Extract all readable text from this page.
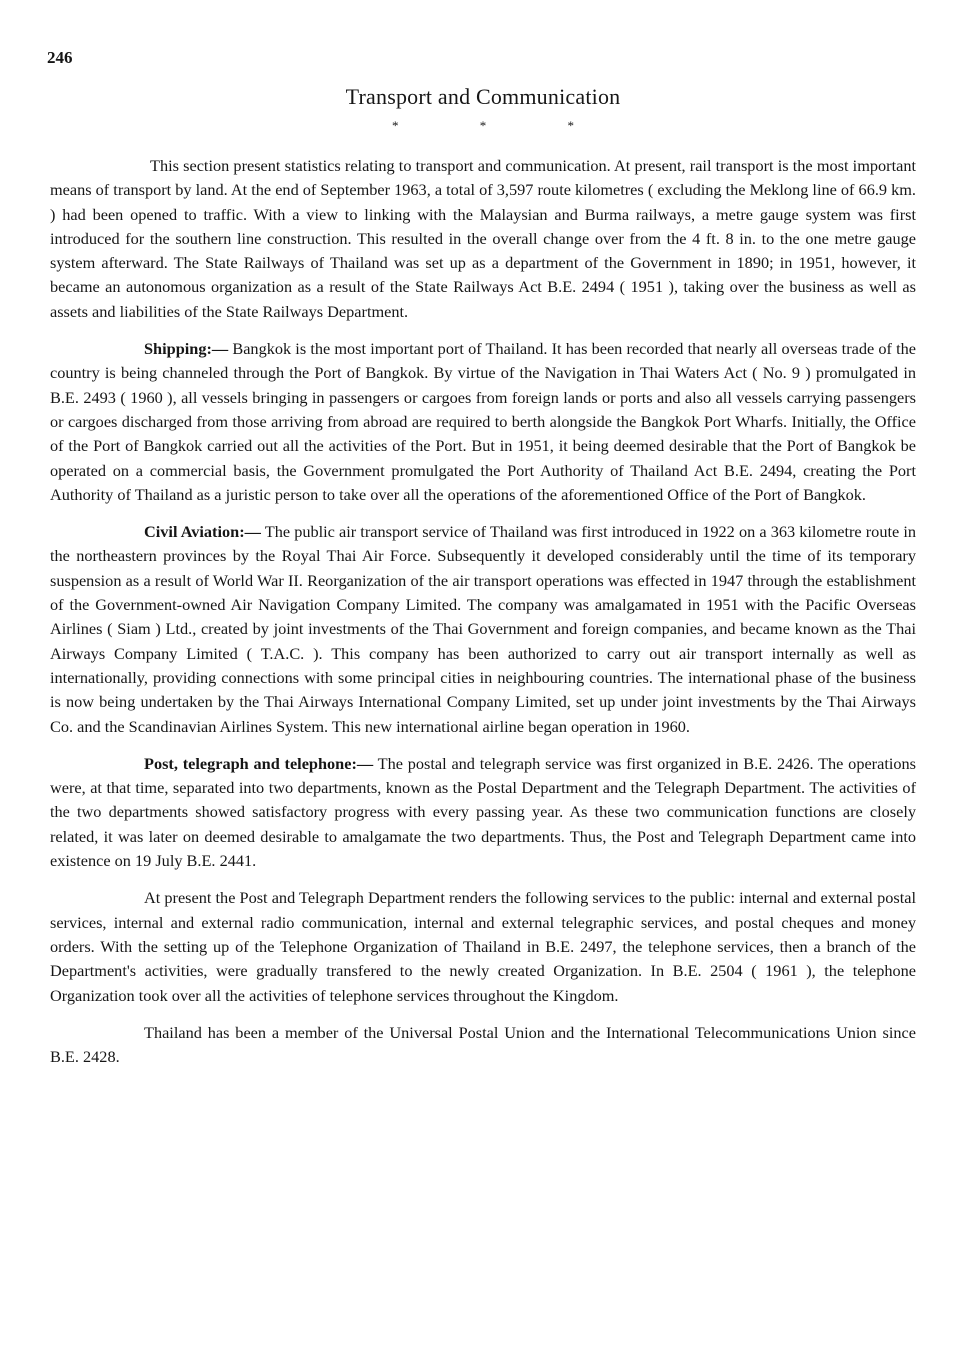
246
Transport and Communication
* * *

This section present statistics relating to transport and communication. At present, rail transport is the most important means of transport by land. At the end of September 1963, a total of 3,597 route kilometres ( excluding the Meklong line of 66.9 km. ) had been opened to traffic. With a view to linking with the Malaysian and Burma railways, a metre gauge system was first introduced for the southern line construction. This resulted in the overall change over from the 4 ft. 8 in. to the one metre gauge system afterward. The State Railways of Thailand was set up as a department of the Government in 1890; in 1951, however, it became an autonomous organization as a result of the State Railways Act B.E. 2494 ( 1951 ), taking over the business as well as assets and liabilities of the State Railways Department.

Shipping:— Bangkok is the most important port of Thailand. It has been recorded that nearly all overseas trade of the country is being channeled through the Port of Bangkok. By virtue of the Navigation in Thai Waters Act ( No. 9 ) promulgated in B.E. 2493 ( 1960 ), all vessels bringing in passengers or cargoes from foreign lands or ports and also all vessels carrying passengers or cargoes discharged from those arriving from abroad are required to berth alongside the Bangkok Port Wharfs. Initially, the Office of the Port of Bangkok carried out all the activities of the Port. But in 1951, it being deemed desirable that the Port of Bangkok be operated on a commercial basis, the Government promulgated the Port Authority of Thailand Act B.E. 2494, creating the Port Authority of Thailand as a juristic person to take over all the operations of the aforementioned Office of the Port of Bangkok.

Civil Aviation:— The public air transport service of Thailand was first introduced in 1922 on a 363 kilometre route in the northeastern provinces by the Royal Thai Air Force. Subsequently it developed considerably until the time of its temporary suspension as a result of World War II. Reorganization of the air transport operations was effected in 1947 through the establishment of the Government-owned Air Navigation Company Limited. The company was amalgamated in 1951 with the Pacific Overseas Airlines ( Siam ) Ltd., created by joint investments of the Thai Government and foreign companies, and became known as the Thai Airways Company Limited ( T.A.C. ). This company has been authorized to carry out air transport internally as well as internationally, providing connections with some principal cities in neighbouring countries. The international phase of the business is now being undertaken by the Thai Airways International Company Limited, set up under joint investments by the Thai Airways Co. and the Scandinavian Airlines System. This new international airline began operation in 1960.

Post, telegraph and telephone:— The postal and telegraph service was first organized in B.E. 2426. The operations were, at that time, separated into two departments, known as the Postal Department and the Telegraph Department. The activities of the two departments showed satisfactory progress with every passing year. As these two communication functions are closely related, it was later on deemed desirable to amalgamate the two departments. Thus, the Post and Telegraph Department came into existence on 19 July B.E. 2441.

At present the Post and Telegraph Department renders the following services to the public: internal and external postal services, internal and external radio communication, internal and external telegraphic services, and postal cheques and money orders. With the setting up of the Telephone Organization of Thailand in B.E. 2497, the telephone services, then a branch of the Department's activities, were gradually transfered to the newly created Organization. In B.E. 2504 ( 1961 ), the telephone Organization took over all the activities of telephone services throughout the Kingdom.

Thailand has been a member of the Universal Postal Union and the International Telecommunications Union since B.E. 2428.
